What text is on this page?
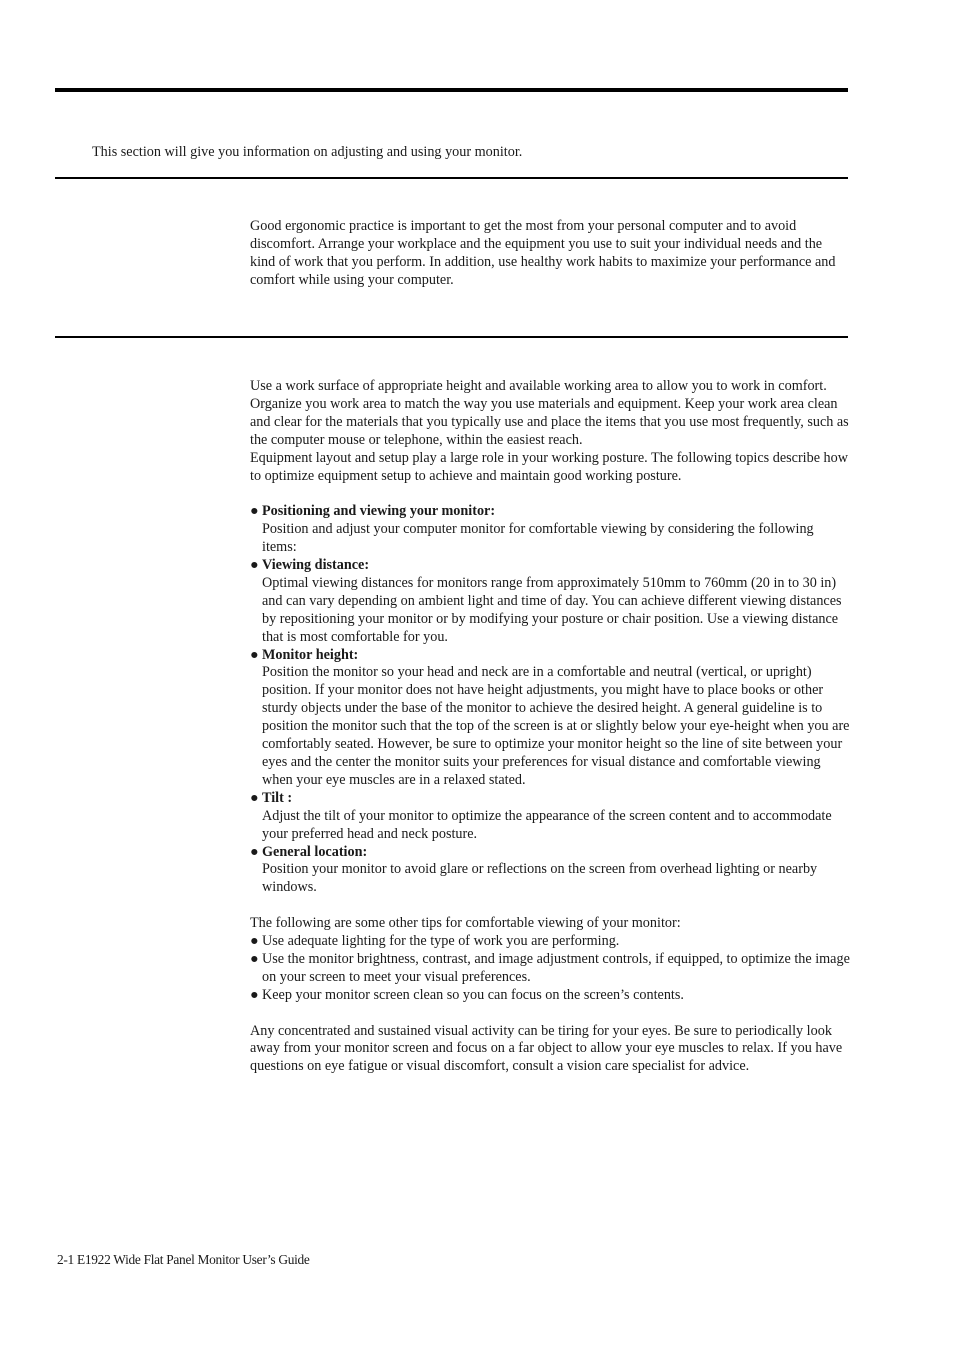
This section will give you information on adjusting and using your monitor.

Good ergonomic practice is important to get the most from your personal computer and to avoid discomfort. Arrange your workplace and the equipment you use to suit your individual needs and the kind of work that you perform. In addition, use healthy work habits to maximize your performance and comfort while using your computer.

Use a work surface of appropriate height and available working area to allow you to work in comfort.

Organize you work area to match the way you use materials and equipment. Keep your work area clean and clear for the materials that you typically use and place the items that you use most frequently, such as the computer mouse or telephone, within the easiest reach.

Equipment layout and setup play a large role in your working posture. The following topics describe how to optimize equipment setup to achieve and maintain good working posture.

● Positioning and viewing your monitor:
Position and adjust your computer monitor for comfortable viewing by considering the following items:
● Viewing distance:
Optimal viewing distances for monitors range from approximately 510mm to 760mm (20 in to 30 in) and can vary depending on ambient light and time of day. You can achieve different viewing distances by repositioning your monitor or by modifying your posture or chair position. Use a viewing distance that is most comfortable for you.
● Monitor height:
Position the monitor so your head and neck are in a comfortable and neutral (vertical, or upright) position. If your monitor does not have height adjustments, you might have to place books or other sturdy objects under the base of the monitor to achieve the desired height. A general guideline is to position the monitor such that the top of the screen is at or slightly below your eye-height when you are comfortably seated. However, be sure to optimize your monitor height so the line of site between your eyes and the center the monitor suits your preferences for visual distance and comfortable viewing when your eye muscles are in a relaxed stated.
● Tilt :
Adjust the tilt of your monitor to optimize the appearance of the screen content and to accommodate your preferred head and neck posture.
● General location:
Position your monitor to avoid glare or reflections on the screen from overhead lighting or nearby windows.

The following are some other tips for comfortable viewing of your monitor:

● Use adequate lighting for the type of work you are performing.
● Use the monitor brightness, contrast, and image adjustment controls, if equipped, to optimize the image on your screen to meet your visual preferences.
● Keep your monitor screen clean so you can focus on the screen’s contents.

Any concentrated and sustained visual activity can be tiring for your eyes. Be sure to periodically look away from your monitor screen and focus on a far object to allow your eye muscles to relax. If you have questions on eye fatigue or visual discomfort, consult a vision care specialist for advice.

2-1 E1922 Wide Flat Panel Monitor User’s Guide
